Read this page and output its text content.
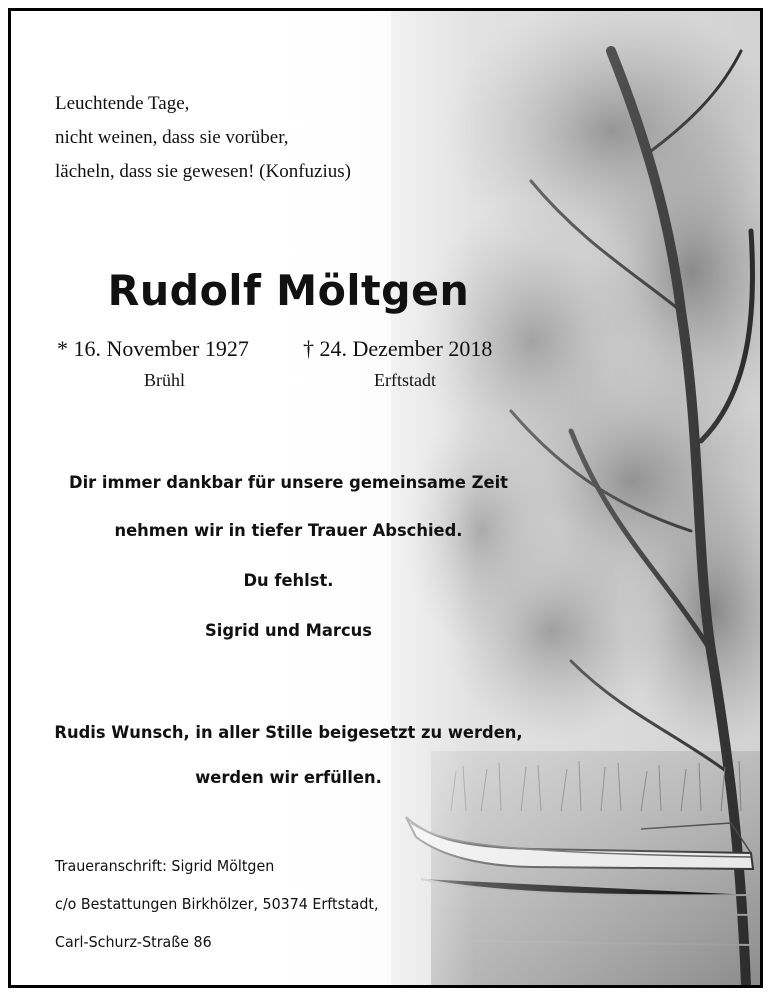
Leuchtende Tage,
nicht weinen, dass sie vorüber,
lächeln, dass sie gewesen! (Konfuzius)
Rudolf Möltgen
* 16. November 1927 † 24. Dezember 2018
Brühl	Erftstadt
Dir immer dankbar für unsere gemeinsame Zeit
nehmen wir in tiefer Trauer Abschied.
Du fehlst.
Sigrid und Marcus
Rudis Wunsch, in aller Stille beigesetzt zu werden,
werden wir erfüllen.
Traueranschrift: Sigrid Möltgen
c/o Bestattungen Birkhölzer, 50374 Erftstadt,
Carl-Schurz-Straße 86
